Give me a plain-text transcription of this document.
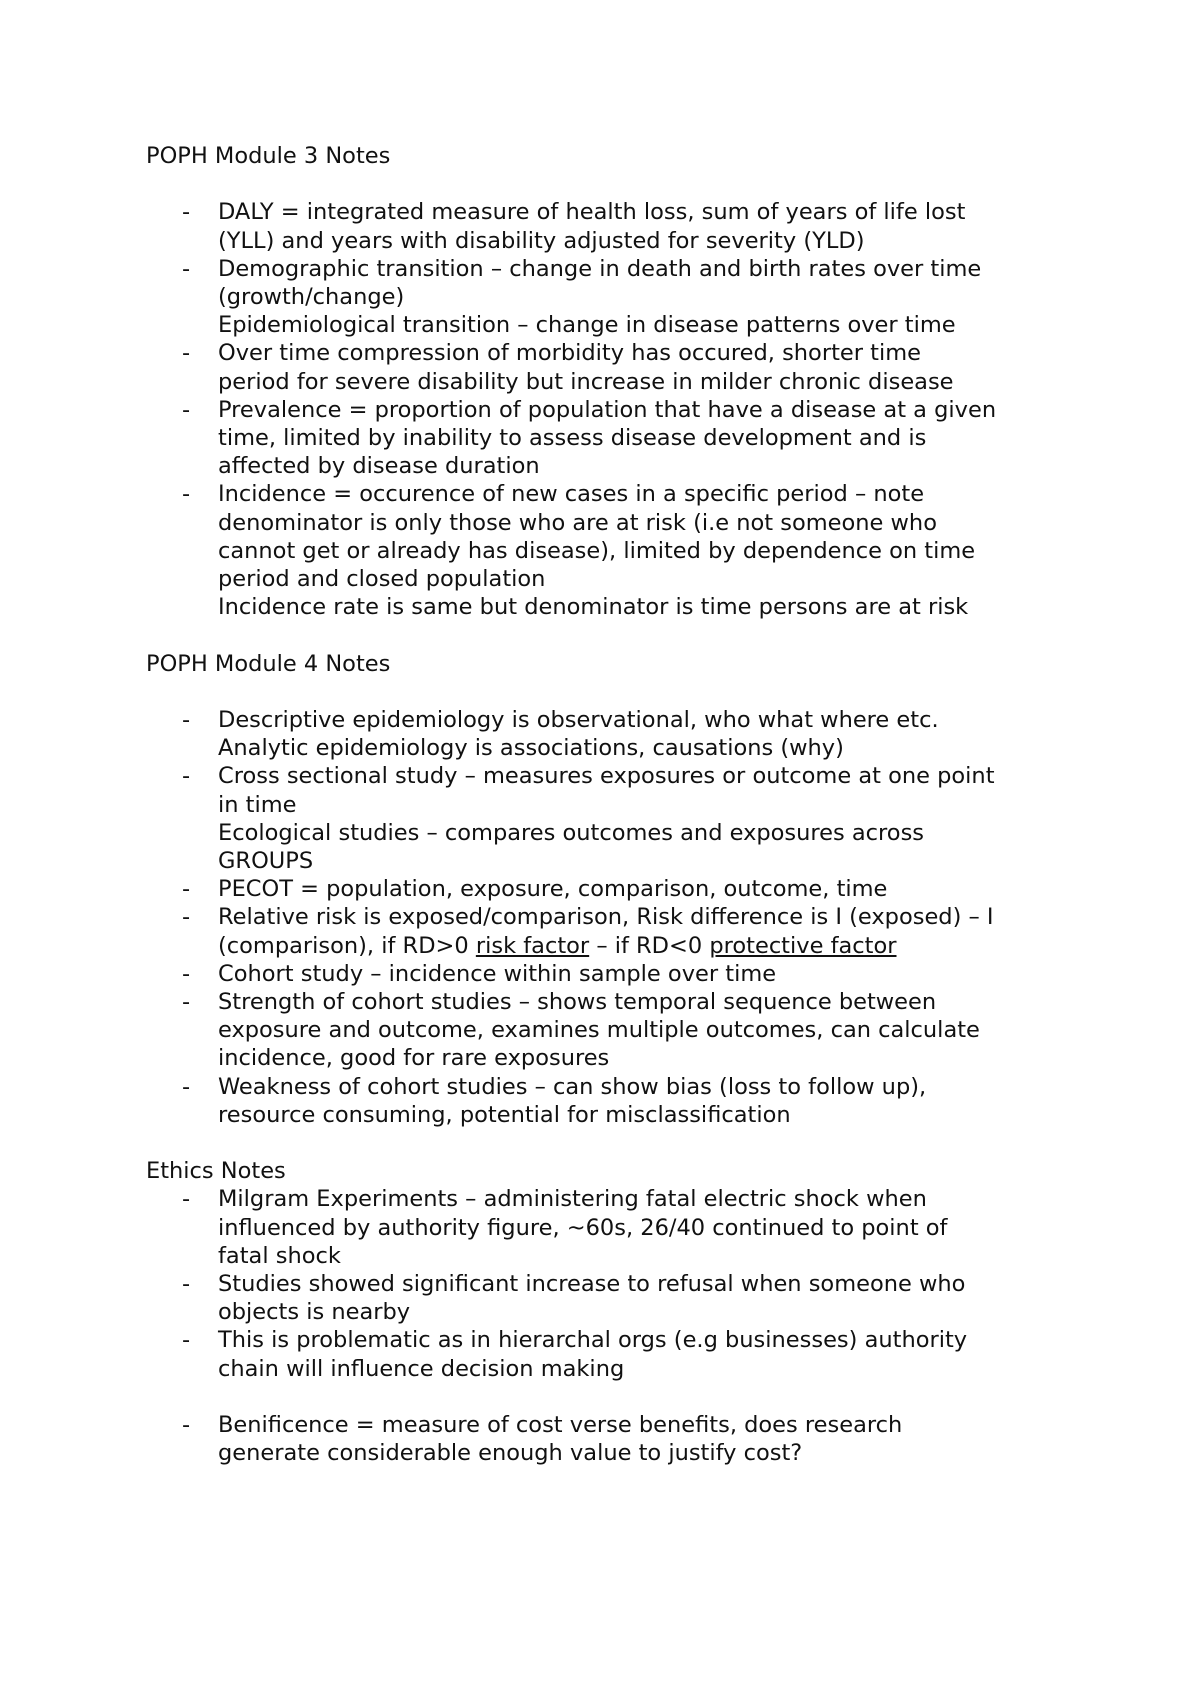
POPH Module 3 Notes

- DALY = integrated measure of health loss, sum of years of life lost
(YLL) and years with disability adjusted for severity (YLD)
- Demographic transition – change in death and birth rates over time
(growth/change)
Epidemiological transition – change in disease patterns over time
- Over time compression of morbidity has occured, shorter time
period for severe disability but increase in milder chronic disease
- Prevalence = proportion of population that have a disease at a given
time, limited by inability to assess disease development and is
affected by disease duration
- Incidence = occurence of new cases in a specific period – note
denominator is only those who are at risk (i.e not someone who
cannot get or already has disease), limited by dependence on time
period and closed population
Incidence rate is same but denominator is time persons are at risk

POPH Module 4 Notes

- Descriptive epidemiology is observational, who what where etc.
Analytic epidemiology is associations, causations (why)
- Cross sectional study – measures exposures or outcome at one point
in time
Ecological studies – compares outcomes and exposures across
GROUPS
- PECOT = population, exposure, comparison, outcome, time
- Relative risk is exposed/comparison, Risk difference is I (exposed) – I
(comparison), if RD>0 risk factor – if RD<0 protective factor
- Cohort study – incidence within sample over time
- Strength of cohort studies – shows temporal sequence between
exposure and outcome, examines multiple outcomes, can calculate
incidence, good for rare exposures
- Weakness of cohort studies – can show bias (loss to follow up),
resource consuming, potential for misclassification

Ethics Notes

- Milgram Experiments – administering fatal electric shock when
influenced by authority figure, ~60s, 26/40 continued to point of
fatal shock
- Studies showed significant increase to refusal when someone who
objects is nearby
- This is problematic as in hierarchal orgs (e.g businesses) authority
chain will influence decision making
- Benificence = measure of cost verse benefits, does research
generate considerable enough value to justify cost?
